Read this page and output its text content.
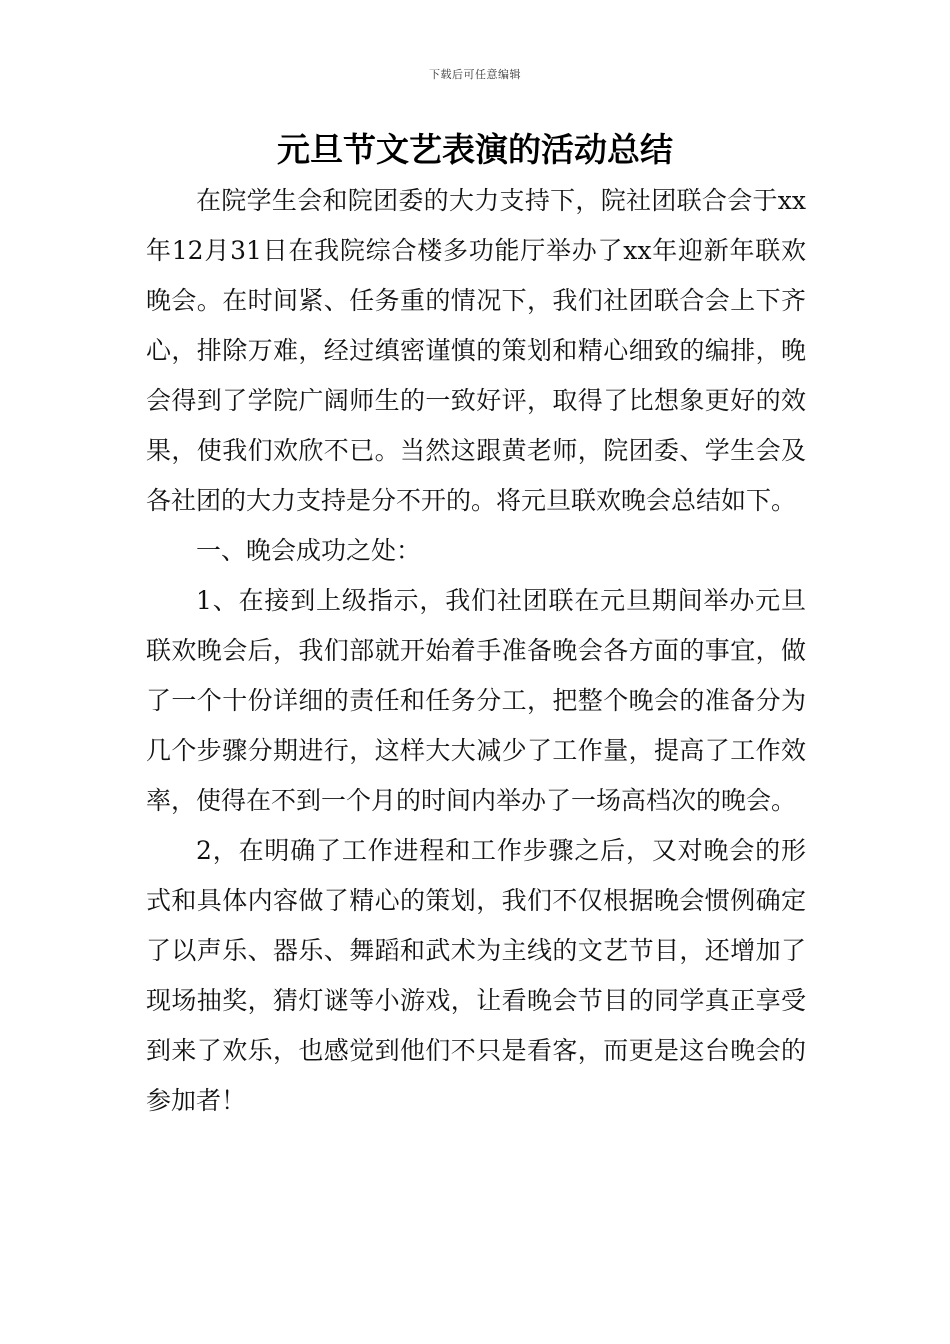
下载后可任意编辑
元旦节文艺表演的活动总结

在院学生会和院团委的大力支持下，院社团联合会于xx年12月31日在我院综合楼多功能厅举办了xx年迎新年联欢晚会。在时间紧、任务重的情况下，我们社团联合会上下齐心，排除万难，经过缜密谨慎的策划和精心细致的编排，晚会得到了学院广阔师生的一致好评，取得了比想象更好的效果，使我们欢欣不已。当然这跟黄老师，院团委、学生会及各社团的大力支持是分不开的。将元旦联欢晚会总结如下。

一、晚会成功之处：

1、在接到上级指示，我们社团联在元旦期间举办元旦联欢晚会后，我们部就开始着手准备晚会各方面的事宜，做了一个十份详细的责任和任务分工，把整个晚会的准备分为几个步骤分期进行，这样大大减少了工作量，提高了工作效率，使得在不到一个月的时间内举办了一场高档次的晚会。

2，在明确了工作进程和工作步骤之后，又对晚会的形式和具体内容做了精心的策划，我们不仅根据晚会惯例确定了以声乐、器乐、舞蹈和武术为主线的文艺节目，还增加了现场抽奖，猜灯谜等小游戏，让看晚会节目的同学真正享受到来了欢乐，也感觉到他们不只是看客，而更是这台晚会的参加者！
